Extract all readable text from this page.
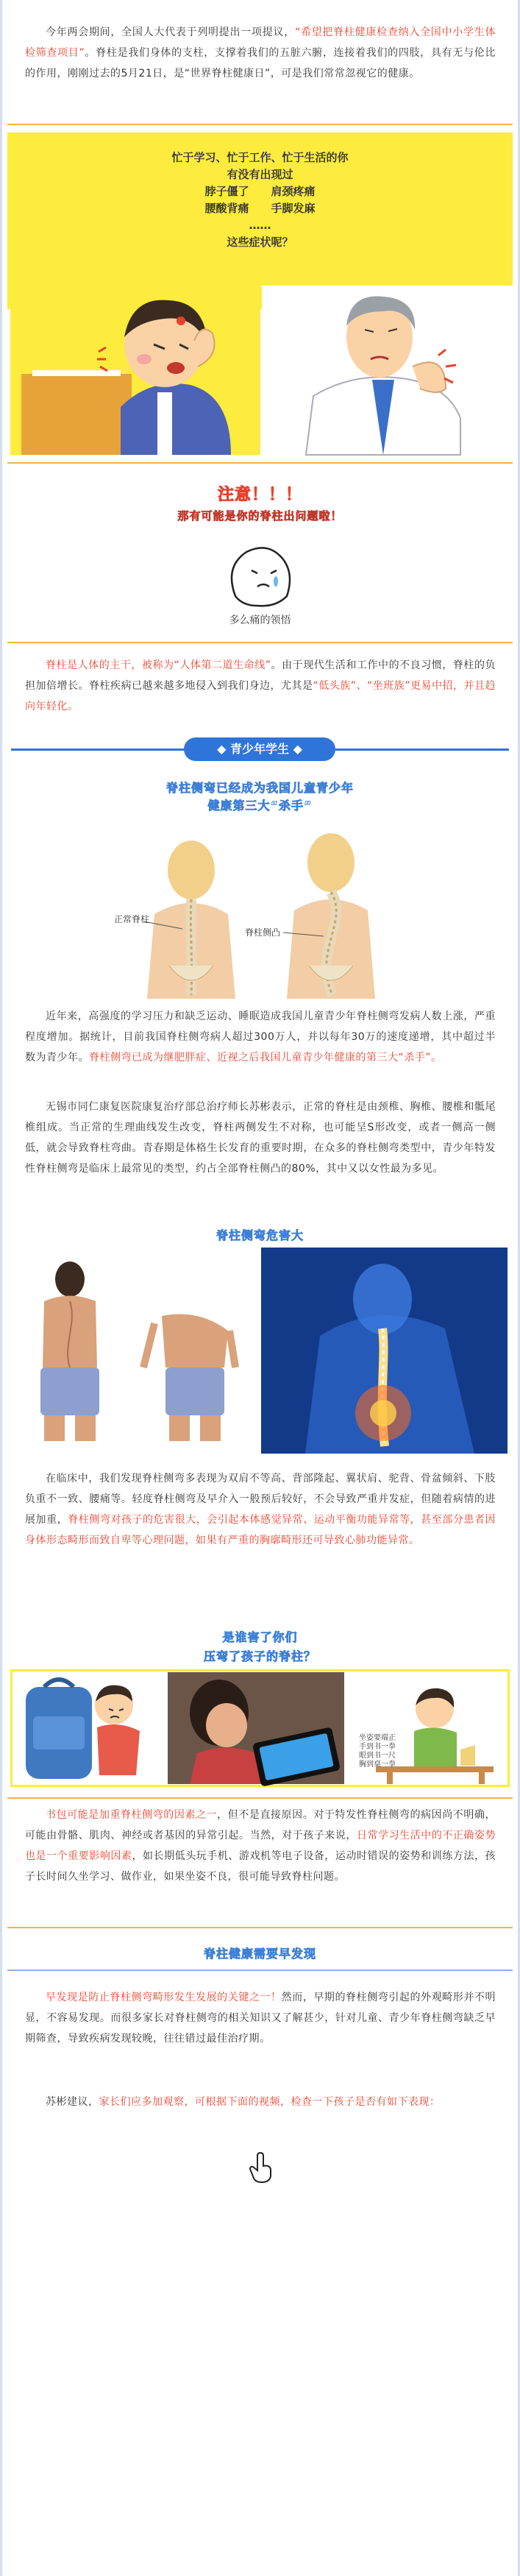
今年两会期间，全国人大代表于列明提出一项提议，“希望把脊柱健康检查纳入全国中小学生体检筛查项目”。脊柱是我们身体的支柱，支撑着我们的五脏六腑，连接着我们的四肢，具有无与伦比的作用，刚刚过去的5月21日，是“世界脊柱健康日”，可是我们常常忽视它的健康。

忙于学习、忙于工作、忙于生活的你
有没有出现过
脖子僵了　　肩颈疼痛
腰酸背痛　　手脚发麻
……
这些症状呢？
注意！！！
那有可能是你的脊柱出问题啦！
多么痛的领悟

脊柱是人体的主干，被称为“人体第二道生命线”。由于现代生活和工作中的不良习惯，脊柱的负担加倍增长。脊柱疾病已越来越多地侵入到我们身边，尤其是“低头族”、“坐班族”更易中招，并且趋向年轻化。

◆ 青少年学生 ◆
脊柱侧弯已经成为我国儿童青少年
健康第三大“杀手”
正常脊柱
脊柱侧凸

近年来，高强度的学习压力和缺乏运动、睡眠造成我国儿童青少年脊柱侧弯发病人数上涨，严重程度增加。据统计，目前我国脊柱侧弯病人超过300万人，并以每年30万的速度递增，其中超过半数为青少年。脊柱侧弯已成为继肥胖症、近视之后我国儿童青少年健康的第三大“杀手”。

无锡市同仁康复医院康复治疗部总治疗师长苏彬表示，正常的脊柱是由颈椎、胸椎、腰椎和骶尾椎组成。当正常的生理曲线发生改变，脊柱两侧发生不对称，也可能呈S形改变，或者一侧高一侧低，就会导致脊柱弯曲。青春期是体格生长发育的重要时期，在众多的脊柱侧弯类型中，青少年特发性脊柱侧弯是临床上最常见的类型，约占全部脊柱侧凸的80%，其中又以女性最为多见。

脊柱侧弯危害大

在临床中，我们发现脊柱侧弯多表现为双肩不等高、背部隆起、翼状肩、驼背、骨盆倾斜、下肢负重不一致、腰痛等。轻度脊柱侧弯及早介入一般预后较好，不会导致严重并发症，但随着病情的进展加重，脊柱侧弯对孩子的危害很大，会引起本体感觉异常、运动平衡功能异常等，甚至部分患者因身体形态畸形而致自卑等心理问题，如果有严重的胸廓畸形还可导致心肺功能异常。

是谁害了你们
压弯了孩子的脊柱？
坐姿要端正
手到书一拳
眼到书一尺
胸到桌一拳

书包可能是加重脊柱侧弯的因素之一，但不是直接原因。对于特发性脊柱侧弯的病因尚不明确，可能由骨骼、肌肉、神经或者基因的异常引起。当然，对于孩子来说，日常学习生活中的不正确姿势也是一个重要影响因素，如长期低头玩手机、游戏机等电子设备，运动时错误的姿势和训练方法，孩子长时间久坐学习、做作业，如果坐姿不良，很可能导致脊柱问题。

脊柱健康需要早发现

早发现是防止脊柱侧弯畸形发生发展的关键之一！然而，早期的脊柱侧弯引起的外观畸形并不明显，不容易发现。而很多家长对脊柱侧弯的相关知识又了解甚少，针对儿童、青少年脊柱侧弯缺乏早期筛查，导致疾病发现较晚，往往错过最佳治疗期。

苏彬建议，家长们应多加观察，可根据下面的视频，检查一下孩子是否有如下表现：
